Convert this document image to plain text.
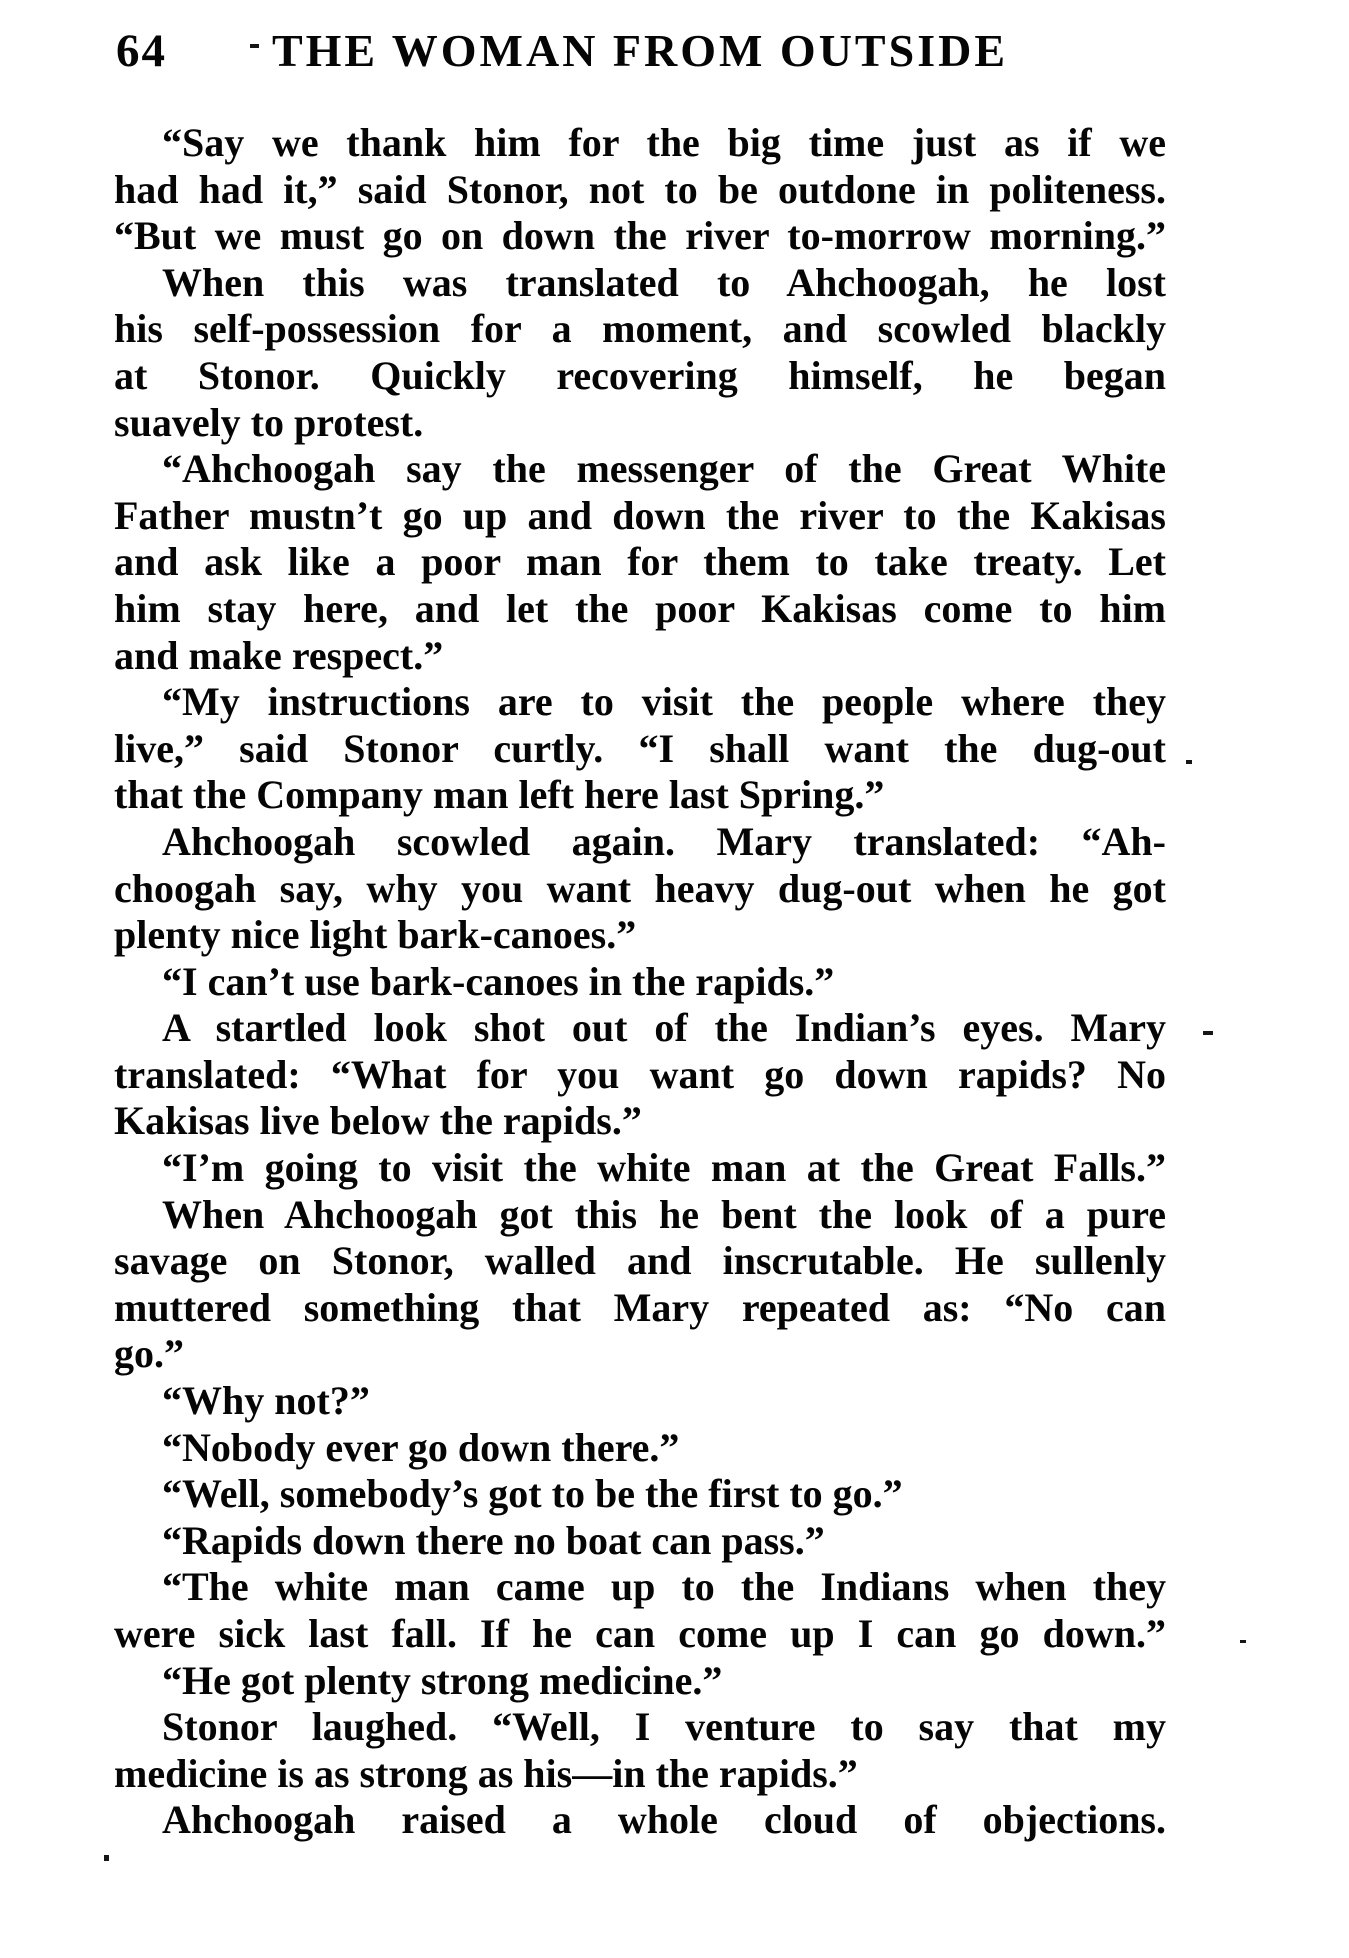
64	THE WOMAN FROM OUTSIDE
“Say we thank him for the big time just as if we
had had it,” said Stonor, not to be outdone in politeness.
“But we must go on down the river to-morrow morning.”
When this was translated to Ahchoogah, he lost
his self-possession for a moment, and scowled blackly
at Stonor. Quickly recovering himself, he began
suavely to protest.
“Ahchoogah say the messenger of the Great White
Father mustn’t go up and down the river to the Kakisas
and ask like a poor man for them to take treaty. Let
him stay here, and let the poor Kakisas come to him
and make respect.”
“My instructions are to visit the people where they
live,” said Stonor curtly. “I shall want the dug-out
that the Company man left here last Spring.”
Ahchoogah scowled again. Mary translated: “Ah-
choogah say, why you want heavy dug-out when he got
plenty nice light bark-canoes.”
“I can’t use bark-canoes in the rapids.”
A startled look shot out of the Indian’s eyes. Mary
translated: “What for you want go down rapids? No
Kakisas live below the rapids.”
“I’m going to visit the white man at the Great Falls.”
When Ahchoogah got this he bent the look of a pure
savage on Stonor, walled and inscrutable. He sullenly
muttered something that Mary repeated as: “No can
go.”
“Why not?”
“Nobody ever go down there.”
“Well, somebody’s got to be the first to go.”
“Rapids down there no boat can pass.”
“The white man came up to the Indians when they
were sick last fall. If he can come up I can go down.”
“He got plenty strong medicine.”
Stonor laughed. “Well, I venture to say that my
medicine is as strong as his—in the rapids.”
Ahchoogah raised a whole cloud of objections.
